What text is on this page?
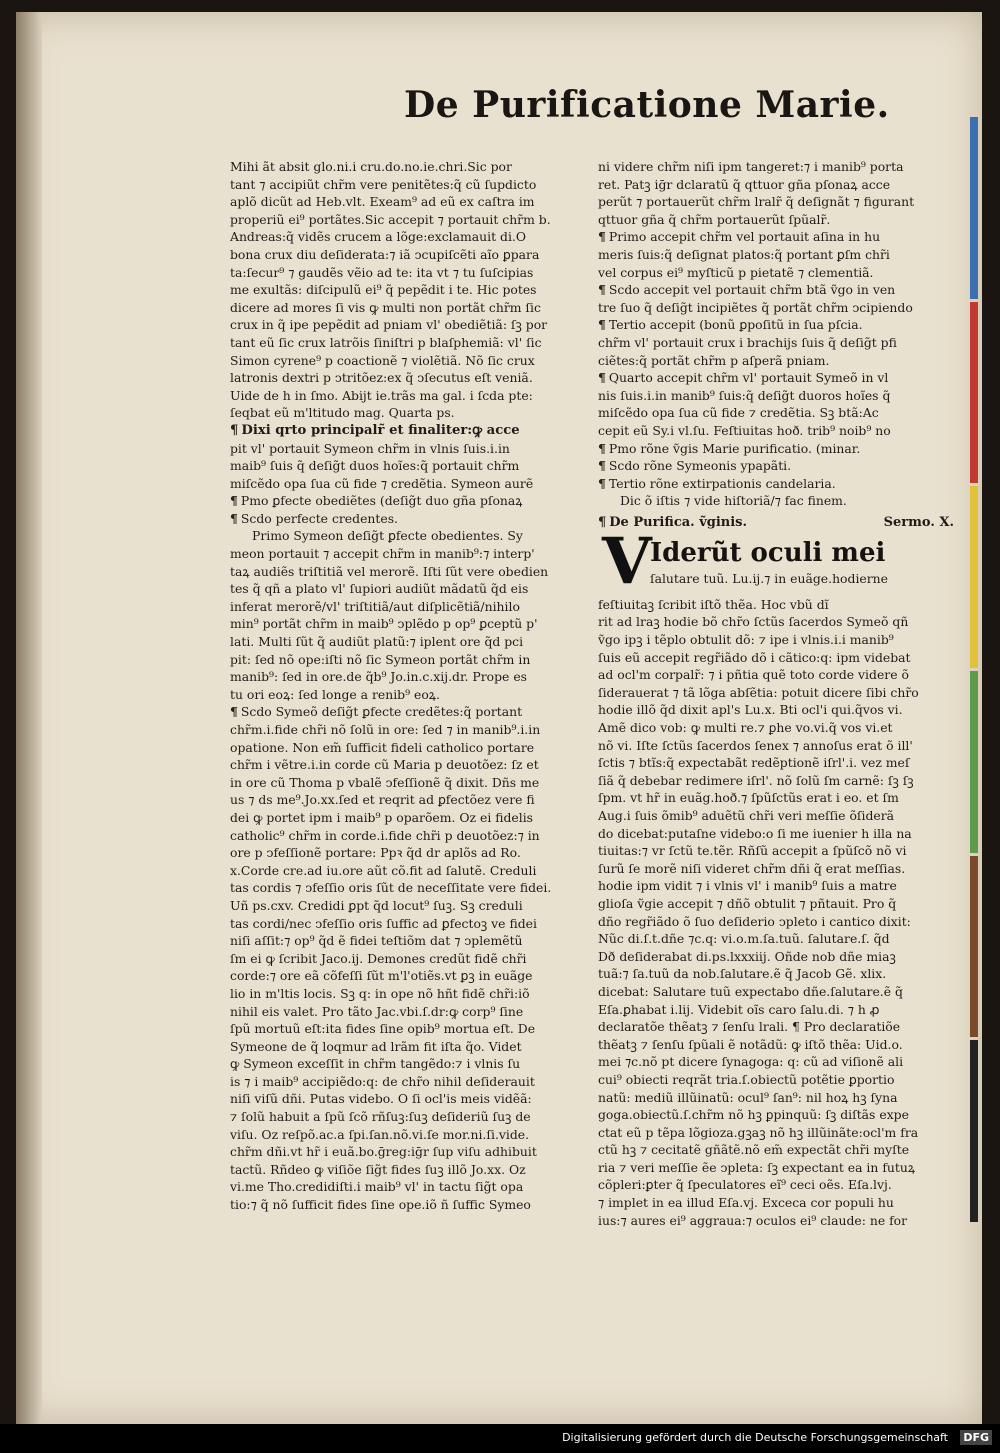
De Purificatione Marie.
Mihi ãt absit glo.ni.i cru.do.no.ie.chri.Sic por
tant ⁊ accipiũt chr̃m vere penitẽtes:q̃ cũ ſupdicto
aplõ dicũt ad Heb.vlt. Exeam⁹ ad eũ ex caſtra im
properiũ ei⁹ portãtes.Sic accepit ⁊ portauit chr̃m b.
Andreas:q̃ vidẽs crucem a lõge:exclamauit di.O
bona crux diu deſiderata:⁊ iã ↄcupiſcẽti aĩo ꝑpara
ta:ſecur⁹ ⁊ gaudẽs vẽio ad te: ita vt ⁊ tu ſuſcipias
me exultãs: diſcipulũ ei⁹ q̃ pepẽdit i te. Hic potes
dicere ad mores ſi vis ꝙ multi non portãt chr̃m ſic
crux in q̃ ipe pepẽdit ad pniam vl' obediẽtiã: ſꝫ por
tant eũ ſic crux latrõis ſiniſtri p blaſphemiã: vl' ſic
Simon cyrene⁹ p coactionẽ ⁊ violẽtiã. Nõ ſic crux
latronis dextri p ↄtritõez:ex q̃ ↄſecutus eſt veniã.
Uide de h in ſmo. Abijt ie.trãs ma gal. i ſcda pte:
ſeqbat eũ m'ltitudo mag. Quarta ps.
¶ Dixi qrto principalr̃ et finaliter:ꝙ acce
pit vl' portauit Symeon chr̃m in vlnis ſuis.i.in
maib⁹ ſuis q̃ deſig̃t duos hoĩes:q̃ portauit chr̃m
miſcẽdo opa ſua cũ fide ⁊ credẽtia. Symeon aurẽ
¶ Pmo ꝑfecte obediẽtes (deſig̃t duo gña pſonaꝝ
¶ Scdo perfecte credentes.
Primo Symeon deſig̃t ꝑfecte obedientes. Sy
meon portauit ⁊ accepit chr̃m in manib⁹:⁊ interp'
taꝝ audiẽs triſtitiã vel merorẽ. Iſti ſũt vere obedien
tes q̃ qñ a plato vl' ſupiori audiũt mãdatũ q̃d eis
inferat merorẽ/vl' triſtitiã/aut diſplicẽtiã/nihilo
min⁹ portãt chr̃m in maib⁹ ↄplẽdo p op⁹ ꝑceptũ p'
lati. Multi ſũt q̃ audiũt platũ:⁊ iplent ore q̃d pci
pit: ſed nõ ope:iſti nõ ſic Symeon portãt chr̃m in
manib⁹: ſed in ore.de q̃b⁹ Jo.in.c.xij.dr. Prope es
tu ori eoꝝ: ſed longe a renib⁹ eoꝝ.
¶ Scdo Symeõ deſig̃t ꝑfecte credẽtes:q̃ portant
chr̃m.i.fide chr̃i nõ ſolũ in ore: ſed ⁊ in manib⁹.i.in
opatione. Non em̃ ſufficit fideli catholico portare
chr̃m i vẽtre.i.in corde cũ Maria p deuotõez: ſz et
in ore cũ Thoma p vbalẽ ↄfeſſionẽ q̃ dixit. Dñs me
us ⁊ ds me⁹.Jo.xx.ſed et reqrit ad ꝑfectõez vere fi
dei ꝙ portet ipm i maib⁹ p oparõem. Oz ei fidelis
catholic⁹ chr̃m in corde.i.fide chr̃i p deuotõez:⁊ in
ore p ↄfeſſionẽ portare: Ppꝛ q̃d dr aplõs ad Ro.
x.Corde cre.ad iu.ore aũt cõ.fit ad ſalutẽ. Creduli
tas cordis ⁊ ↄfeſſio oris ſũt de neceſſitate vere fidei.
Uñ ps.cxv. Credidi ꝑpt q̃d locut⁹ ſuꝫ. Sꝫ creduli
tas cordi/nec ↄfeſſio oris ſuffic ad ꝑfectoꝫ ve fidei
niſi aſſit:⁊ op⁹ q̃d ẽ fidei teſtiõm dat ⁊ ↄplemẽtũ
ſm ei ꝙ ſcribit Jaco.ij. Demones credũt fidẽ chr̃i
corde:⁊ ore eã cõfeſſi ſũt m'l'otiẽs.vt ꝑꝫ in euãge
lio in m'ltis locis. Sꝫ q: in ope nõ hñt fidẽ chr̃i:iõ
nihil eis valet. Pro tãto Jac.vbi.ſ.dr:ꝙ corp⁹ ſine
ſpũ mortuũ eſt:ita fides ſine opib⁹ mortua eſt. De
Symeone de q̃ loqmur ad lrãm fit iſta q̃o. Videt
ꝙ Symeon exceſſit in chr̃m tangẽdo:⁊ i vlnis ſu
is ⁊ i maib⁹ accipiẽdo:q: de chr̃o nihil deſiderauit
niſi viſũ dñi. Putas videbo. O ſi ocl'is meis vidẽã:
⁊ ſolũ habuit a ſpũ ſcõ rñſuꝫ:ſuꝫ deſideriũ ſuꝫ de
viſu. Oz reſpõ.ac.a ſpi.ſan.nõ.vi.ſe mor.ni.ſi.vide.
chr̃m dñi.vt hr̃ i euã.bo.ḡreg:iḡr ſup viſu adhibuit
tactũ. Rñdeo ꝙ viſiõe ſig̃t fides ſuꝫ illõ Jo.xx. Oz
vi.me Tho.credidiſti.i maib⁹ vl' in tactu ſig̃t opa
tio:⁊ q̃ nõ ſufficit fides ſine ope.iõ ñ ſuffic Symeo
ni videre chr̃m niſi ipm tangeret:⁊ i manib⁹ porta
ret. Patꝫ iḡr dclaratũ q̃ qttuor gña pſonaꝝ acce
perũt ⁊ portauerũt chr̃m lralr̃ q̃ deſignãt ⁊ figurant
qttuor gña q̃ chr̃m portauerũt ſpũalr̃.
¶ Primo accepit chr̃m vel portauit aſina in hu
meris ſuis:q̃ deſignat platos:q̃ portant ꝑſm chr̃i
vel corpus ei⁹ myſticũ p pietatẽ ⁊ clementiã.
¶ Scdo accepit vel portauit chr̃m btã ṽgo in ven
tre ſuo q̃ deſig̃t incipiẽtes q̃ portãt chr̃m ↄcipiendo
¶ Tertio accepit (bonũ ꝑpoſitũ in ſua pſcia.
chr̃m vl' portauit crux i brachijs ſuis q̃ deſig̃t pfi
ciẽtes:q̃ portãt chr̃m p aſperã pniam.
¶ Quarto accepit chr̃m vl' portauit Symeõ in vl
nis ſuis.i.in manib⁹ ſuis:q̃ deſig̃t duoros hoĩes q̃
miſcẽdo opa ſua cũ fide ⁊ credẽtia. Sꝫ btã:Ac
cepit eũ Sy.i vl.ſu. Feſtiuitas hoð. trib⁹ noib⁹ no
¶ Pmo rõne ṽgis Marie purificatio. (minar.
¶ Scdo rõne Symeonis ypapãti.
¶ Tertio rõne extirpationis candelaria.
Dic õ iſtis ⁊ vide hiſtoriã/⁊ fac finem.
¶ De Purifica. ṽginis.	Sermo. X.
V
Iderũt oculi mei
ſalutare tuũ. Lu.ij.⁊ in euãge.hodierne
feſtiuitaꝫ ſcribit iſtõ thẽa. Hoc vbũ dĩ
rit ad lraꝫ hodie bõ chr̃o ſctũs ſacerdos Symeõ qñ
ṽgo ipꝫ i tẽplo obtulit dõ: ⁊ ipe i vlnis.i.i manib⁹
ſuis eũ accepit regr̃iãdo dõ i cãtico:q: ipm videbat
ad ocl'm corpalr̃: ⁊ i pñtia quẽ toto corde videre õ
ſiderauerat ⁊ tã lõga abſẽtia: potuit dicere ſibi chr̃o
hodie illõ q̃d dixit apl's Lu.x. Bti ocl'i qui.q̃vos vi.
Amẽ dico vob: ꝙ multi re.⁊ ꝑhe vo.vi.q̃ vos vi.et
nõ vi. Iſte ſctũs ſacerdos ſenex ⁊ annoſus erat õ ill'
ſctis ⁊ btĩs:q̃ expectabãt redẽptionẽ iſrl'.i. vez meſ
ſiã q̃ debebar redimere iſrl'. nõ ſolũ ſm carnẽ: ſꝫ ſꝫ
ſpm. vt hr̃ in euãg.hoð.⁊ ſpũſctũs erat i eo. et ſm
Aug.i ſuis õmib⁹ aduẽtũ chr̃i veri meſſie õſiderã
do dicebat:putaſne videbo:o ſi me iuenier h illa na
tiuitas:⁊ vr ſctũ te.tẽr. Rñſũ accepit a ſpũſcõ nõ vi
ſurũ ſe morẽ niſi videret chr̃m dñi q̃ erat meſſias.
hodie ipm vidit ⁊ i vlnis vl' i manib⁹ ſuis a matre
glioſa ṽgie accepit ⁊ dñõ obtulit ⁊ pñtauit. Pro q̃
dño regr̃iãdo õ ſuo deſiderio ↄpleto i cantico dixit:
Nũc di.ſ.t.dñe ⁊c.q: vi.o.m.ſa.tuũ. ſalutare.ſ. q̃d
Dð deſiderabat di.ps.lxxxiij. Oñde nob dñe miaꝫ
tuã:⁊ ſa.tuũ da nob.ſalutare.ẽ q̃ Jacob Gẽ. xlix.
dicebat: Salutare tuũ expectabo dñe.ſalutare.ẽ q̃
Eſa.ꝑhabat i.lij. Videbit oĩs caro ſalu.di. ⁊ h ꝓ
declaratõe thẽatꝫ ⁊ ſenſu lrali. ¶ Pro declaratiõe
thẽatꝫ ⁊ ſenſu ſpũali ẽ notãdũ: ꝙ iſtõ thẽa: Uid.o.
mei ⁊c.nõ pt dicere ſynagoga: q: cũ ad viſionẽ ali
cui⁹ obiecti reqrãt tria.ſ.obiectũ potẽtie ꝑportio
natũ: mediũ illũinatũ: ocul⁹ ſan⁹: nil hoꝝ hꝫ ſyna
goga.obiectũ.ſ.chr̃m nõ hꝫ ꝑpinquũ: ſꝫ diſtãs expe
ctat eũ p tẽpa lõgioza.gꝫaꝫ nõ hꝫ illũinãte:ocl'm fra
ctũ hꝫ ⁊ cecitatẽ gñãtẽ.nõ em̃ expectãt chr̃i myſte
ria ⁊ veri meſſie ẽe ↄpleta: ſꝫ expectant ea in futuꝝ
cõpleri:ꝑter q̃ ſpeculatores eĩ⁹ ceci oẽs. Eſa.lvj.
⁊ implet in ea illud Eſa.vj. Exceca cor populi hu
ius:⁊ aures ei⁹ aggraua:⁊ oculos ei⁹ claude: ne for
Digitalisierung gefördert durch die Deutsche Forschungsgemeinschaft DFG
